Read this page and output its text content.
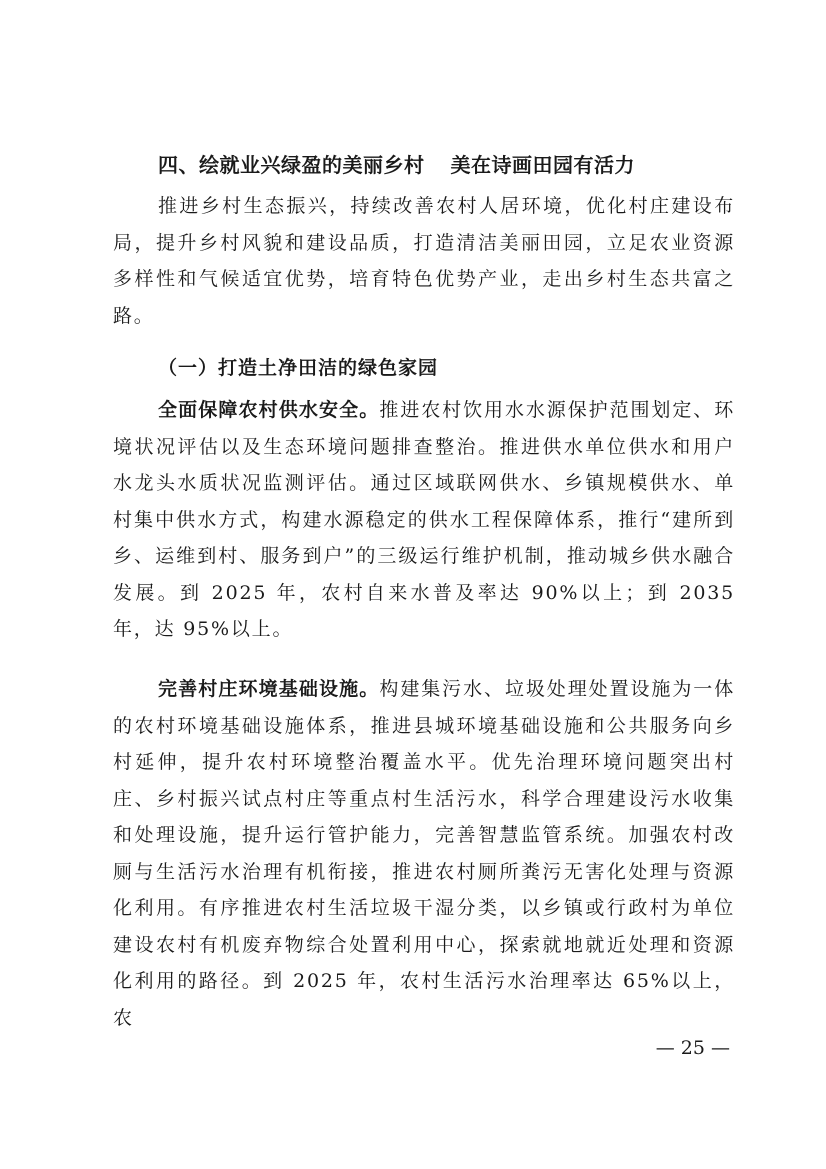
四、绘就业兴绿盈的美丽乡村 美在诗画田园有活力

推进乡村生态振兴，持续改善农村人居环境，优化村庄建设布局，提升乡村风貌和建设品质，打造清洁美丽田园，立足农业资源多样性和气候适宜优势，培育特色优势产业，走出乡村生态共富之路。

（一）打造土净田洁的绿色家园

全面保障农村供水安全。推进农村饮用水水源保护范围划定、环境状况评估以及生态环境问题排查整治。推进供水单位供水和用户水龙头水质状况监测评估。通过区域联网供水、乡镇规模供水、单村集中供水方式，构建水源稳定的供水工程保障体系，推行“建所到乡、运维到村、服务到户”的三级运行维护机制，推动城乡供水融合发展。到 2025 年，农村自来水普及率达 90%以上；到 2035 年，达 95%以上。

完善村庄环境基础设施。构建集污水、垃圾处理处置设施为一体的农村环境基础设施体系，推进县城环境基础设施和公共服务向乡村延伸，提升农村环境整治覆盖水平。优先治理环境问题突出村庄、乡村振兴试点村庄等重点村生活污水，科学合理建设污水收集和处理设施，提升运行管护能力，完善智慧监管系统。加强农村改厕与生活污水治理有机衔接，推进农村厕所粪污无害化处理与资源化利用。有序推进农村生活垃圾干湿分类，以乡镇或行政村为单位建设农村有机废弃物综合处置利用中心，探索就地就近处理和资源化利用的路径。到 2025 年，农村生活污水治理率达 65%以上，农

— 25 —
